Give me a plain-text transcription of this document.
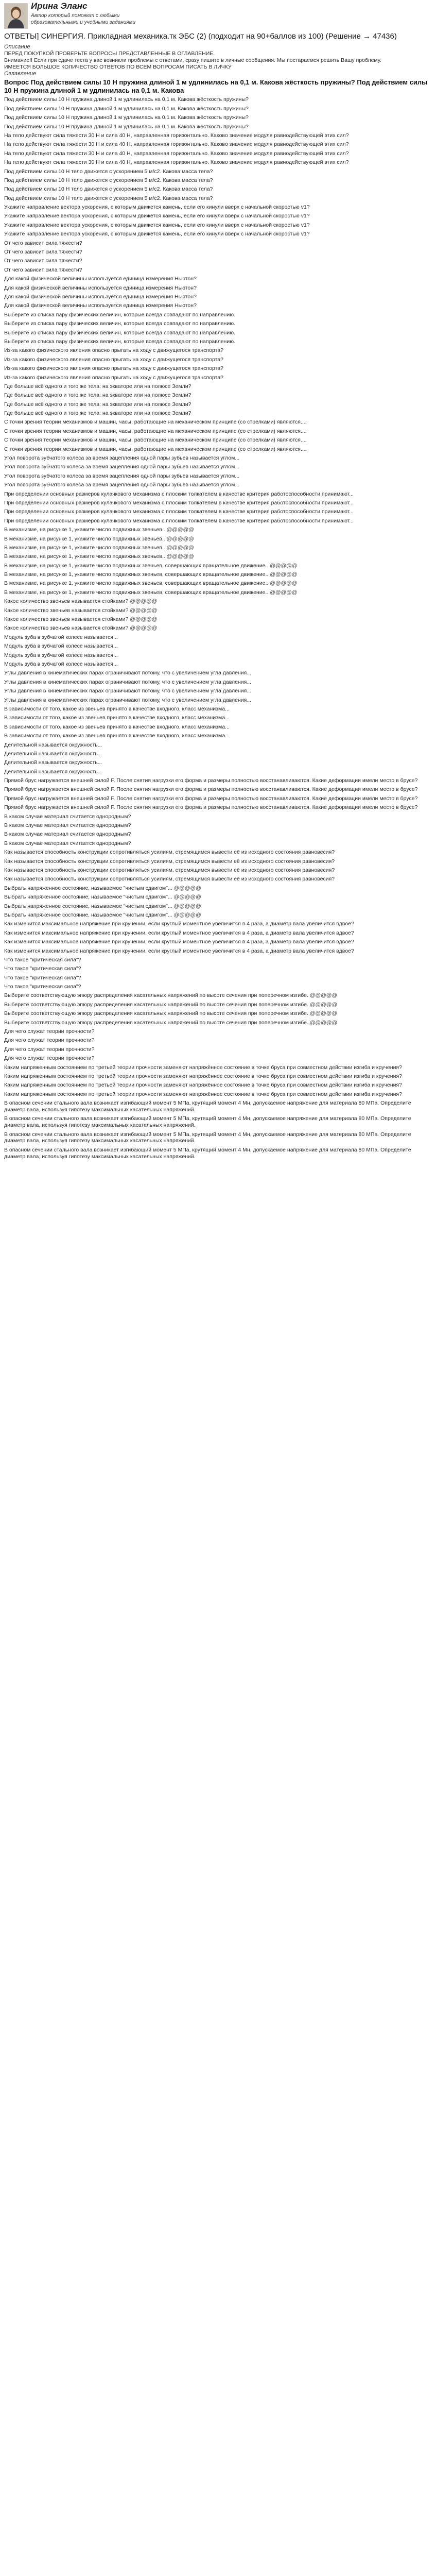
Ирина Эланс
Автор который поможет с любыми образовательными и учебными заданиями
ОТВЕТЫ] СИНЕРГИЯ. Прикладная механика.тк ЭБС (2) (подходит на 90+баллов из 100) (Решение → 47436)
Описание
ПЕРЕД ПОКУПКОЙ ПРОВЕРЬТЕ ВОПРОСЫ ПРЕДСТАВЛЕННЫЕ В ОГЛАВЛЕНИЕ.
Внимание!! Если при сдаче теста у вас возникли проблемы с ответами, сразу пишите в личные сообщения. Мы постараемся решить Вашу проблему.
ИМЕЕТСЯ БОЛЬШОЕ КОЛИЧЕСТВО ОТВЕТОВ ПО ВСЕМ ВОПРОСАМ ПИСАТЬ В ЛИЧКУ
Оглавление
Вопрос Под действием силы 10 Н пружина длиной 1 м удлинилась на 0,1 м. Какова жёсткость пружины? Под действием силы 10 Н пружина длиной 1 м удлинилась на 0,1 м. Какова
Под действием силы 10 Н пружина длиной 1 м удлинилась на 0,1 м. Какова жёсткость пружины?
Под действием силы 10 Н пружина длиной 1 м удлинилась на 0,1 м. Какова жёсткость пружины?
Под действием силы 10 Н пружина длиной 1 м удлинилась на 0,1 м. Какова жёсткость пружины?
Под действием силы 10 Н пружина длиной 1 м удлинилась на 0,1 м. Какова жёсткость пружины?
На тело действуют сила тяжести 30 Н и сила 40 Н, направленная горизонтально. Каково значение модуля равнодействующей этих сил?
На тело действуют сила тяжести 30 Н и сила 40 Н, направленная горизонтально. Каково значение модуля равнодействующей этих сил?
На тело действуют сила тяжести 30 Н и сила 40 Н, направленная горизонтально. Каково значение модуля равнодействующей этих сил?
На тело действуют сила тяжести 30 Н и сила 40 Н, направленная горизонтально. Каково значение модуля равнодействующей этих сил?
Под действием силы 10 Н тело движется с ускорением 5 м/с2. Какова масса тела?
Под действием силы 10 Н тело движется с ускорением 5 м/с2. Какова масса тела?
Под действием силы 10 Н тело движется с ускорением 5 м/с2. Какова масса тела?
Под действием силы 10 Н тело движется с ускорением 5 м/с2. Какова масса тела?
Укажите направление вектора ускорения, с которым движется камень, если его кинули вверх с начальной скоростью v1?
Укажите направление вектора ускорения, с которым движется камень, если его кинули вверх с начальной скоростью v1?
Укажите направление вектора ускорения, с которым движется камень, если его кинули вверх с начальной скоростью v1?
Укажите направление вектора ускорения, с которым движется камень, если его кинули вверх с начальной скоростью v1?
От чего зависит сила тяжести?
От чего зависит сила тяжести?
От чего зависит сила тяжести?
От чего зависит сила тяжести?
Для какой физической величины используется единица измерения Ньютон?
Для какой физической величины используется единица измерения Ньютон?
Для какой физической величины используется единица измерения Ньютон?
Для какой физической величины используется единица измерения Ньютон?
Выберите из списка пару физических величин, которые всегда совпадают по направлению.
Выберите из списка пару физических величин, которые всегда совпадают по направлению.
Выберите из списка пару физических величин, которые всегда совпадают по направлению.
Выберите из списка пару физических величин, которые всегда совпадают по направлению.
Из-за какого физического явления опасно прыгать на ходу с движущегося транспорта?
Из-за какого физического явления опасно прыгать на ходу с движущегося транспорта?
Из-за какого физического явления опасно прыгать на ходу с движущегося транспорта?
Из-за какого физического явления опасно прыгать на ходу с движущегося транспорта?
Где больше всё одного и того же тела: на экваторе или на полюсе Земли?
Где больше всё одного и того же тела: на экваторе или на полюсе Земли?
Где больше всё одного и того же тела: на экваторе или на полюсе Земли?
Где больше всё одного и того же тела: на экваторе или на полюсе Земли?
С точки зрения теории механизмов и машин, часы, работающие на механическом принципе (со стрелками) являются....
С точки зрения теории механизмов и машин, часы, работающие на механическом принципе (со стрелками) являются....
С точки зрения теории механизмов и машин, часы, работающие на механическом принципе (со стрелками) являются....
С точки зрения теории механизмов и машин, часы, работающие на механическом принципе (со стрелками) являются....
Угол поворота зубчатого колеса за время зацепления одной пары зубьев называется углом...
Угол поворота зубчатого колеса за время зацепления одной пары зубьев называется углом...
Угол поворота зубчатого колеса за время зацепления одной пары зубьев называется углом...
Угол поворота зубчатого колеса за время зацепления одной пары зубьев называется углом...
При определении основных размеров кулачкового механизма с плоским толкателем в качестве критерия работоспособности принимают...
При определении основных размеров кулачкового механизма с плоским толкателем в качестве критерия работоспособности принимают...
При определении основных размеров кулачкового механизма с плоским толкателем в качестве критерия работоспособности принимают...
При определении основных размеров кулачкового механизма с плоским толкателем в качестве критерия работоспособности принимают...
В механизме, на рисунке 1, укажите число подвижных звеньев.. @@@@@
В механизме, на рисунке 1, укажите число подвижных звеньев.. @@@@@
В механизме, на рисунке 1, укажите число подвижных звеньев.. @@@@@
В механизме, на рисунке 1, укажите число подвижных звеньев.. @@@@@
В механизме, на рисунке 1, укажите число подвижных звеньев, совершающих вращательное движение.. @@@@@
В механизме, на рисунке 1, укажите число подвижных звеньев, совершающих вращательное движение.. @@@@@
В механизме, на рисунке 1, укажите число подвижных звеньев, совершающих вращательное движение.. @@@@@
В механизме, на рисунке 1, укажите число подвижных звеньев, совершающих вращательное движение.. @@@@@
Какое количество звеньев называется стойками? @@@@@
Какое количество звеньев называется стойками? @@@@@
Какое количество звеньев называется стойками? @@@@@
Какое количество звеньев называется стойками? @@@@@
Модуль зуба в зубчатой колесе называется...
Модуль зуба в зубчатой колесе называется...
Модуль зуба в зубчатой колесе называется...
Модуль зуба в зубчатой колесе называется...
Углы давления в кинематических парах ограничивают потому, что с увеличением угла давления...
Углы давления в кинематических парах ограничивают потому, что с увеличением угла давления...
Углы давления в кинематических парах ограничивают потому, что с увеличением угла давления...
Углы давления в кинематических парах ограничивают потому, что с увеличением угла давления...
В зависимости от того, какое из звеньев принято в качестве входного, класс механизма...
В зависимости от того, какое из звеньев принято в качестве входного, класс механизма...
В зависимости от того, какое из звеньев принято в качестве входного, класс механизма...
В зависимости от того, какое из звеньев принято в качестве входного, класс механизма...
Делительной называется окружность...
Делительной называется окружность...
Делительной называется окружность...
Делительной называется окружность...
Прямой брус нагружается внешней силой F. После снятия нагрузки его форма и размеры полностью восстанавливаются. Какие деформации имели место в брусе?
Прямой брус нагружается внешней силой F. После снятия нагрузки его форма и размеры полностью восстанавливаются. Какие деформации имели место в брусе?
Прямой брус нагружается внешней силой F. После снятия нагрузки его форма и размеры полностью восстанавливаются. Какие деформации имели место в брусе?
Прямой брус нагружается внешней силой F. После снятия нагрузки его форма и размеры полностью восстанавливаются. Какие деформации имели место в брусе?
В каком случае материал считается однородным?
В каком случае материал считается однородным?
В каком случае материал считается однородным?
В каком случае материал считается однородным?
Как называется способность конструкции сопротивляться усилиям, стремящимся вывести её из исходного состояния равновесия?
Как называется способность конструкции сопротивляться усилиям, стремящимся вывести её из исходного состояния равновесия?
Как называется способность конструкции сопротивляться усилиям, стремящимся вывести её из исходного состояния равновесия?
Как называется способность конструкции сопротивляться усилиям, стремящимся вывести её из исходного состояния равновесия?
Выбрать напряженное состояние, называемое "чистым сдвигом"... @@@@@
Выбрать напряженное состояние, называемое "чистым сдвигом"... @@@@@
Выбрать напряженное состояние, называемое "чистым сдвигом"... @@@@@
Выбрать напряженное состояние, называемое "чистым сдвигом"... @@@@@
Как изменится максимальное напряжение при кручении, если круглый моментное увеличится в 4 раза, а диаметр вала увеличится вдвое?
Как изменится максимальное напряжение при кручении, если круглый моментное увеличится в 4 раза, а диаметр вала увеличится вдвое?
Как изменится максимальное напряжение при кручении, если круглый моментное увеличится в 4 раза, а диаметр вала увеличится вдвое?
Как изменится максимальное напряжение при кручении, если круглый моментное увеличится в 4 раза, а диаметр вала увеличится вдвое?
Что такое "критическая сила"?
Что такое "критическая сила"?
Что такое "критическая сила"?
Что такое "критическая сила"?
Выберите соответствующую эпюру распределения касательных напряжений по высоте сечения при поперечном изгибе. @@@@@
Выберите соответствующую эпюру распределения касательных напряжений по высоте сечения при поперечном изгибе. @@@@@
Выберите соответствующую эпюру распределения касательных напряжений по высоте сечения при поперечном изгибе. @@@@@
Выберите соответствующую эпюру распределения касательных напряжений по высоте сечения при поперечном изгибе. @@@@@
Для чего служат теории прочности?
Для чего служат теории прочности?
Для чего служат теории прочности?
Для чего служат теории прочности?
Каким напряженным состоянием по третьей теории прочности заменяют напряжённое состояние в точке бруса при совместном действии изгиба и кручения?
Каким напряженным состоянием по третьей теории прочности заменяют напряжённое состояние в точке бруса при совместном действии изгиба и кручения?
Каким напряженным состоянием по третьей теории прочности заменяют напряжённое состояние в точке бруса при совместном действии изгиба и кручения?
Каким напряженным состоянием по третьей теории прочности заменяют напряжённое состояние в точке бруса при совместном действии изгиба и кручения?
В опасном сечении стального вала возникает изгибающий момент 5 МПа, крутящий момент 4 Мн, допускаемое напряжение для материала 80 МПа. Определите диаметр вала, используя гипотезу максимальных касательных напряжений.
В опасном сечении стального вала возникает изгибающий момент 5 МПа, крутящий момент 4 Мн, допускаемое напряжение для материала 80 МПа. Определите диаметр вала, используя гипотезу максимальных касательных напряжений.
В опасном сечении стального вала возникает изгибающий момент 5 МПа, крутящий момент 4 Мн, допускаемое напряжение для материала 80 МПа. Определите диаметр вала, используя гипотезу максимальных касательных напряжений.
В опасном сечении стального вала возникает изгибающий момент 5 МПа, крутящий момент 4 Мн, допускаемое напряжение для материала 80 МПа. Определите диаметр вала, используя гипотезу максимальных касательных напряжений.
